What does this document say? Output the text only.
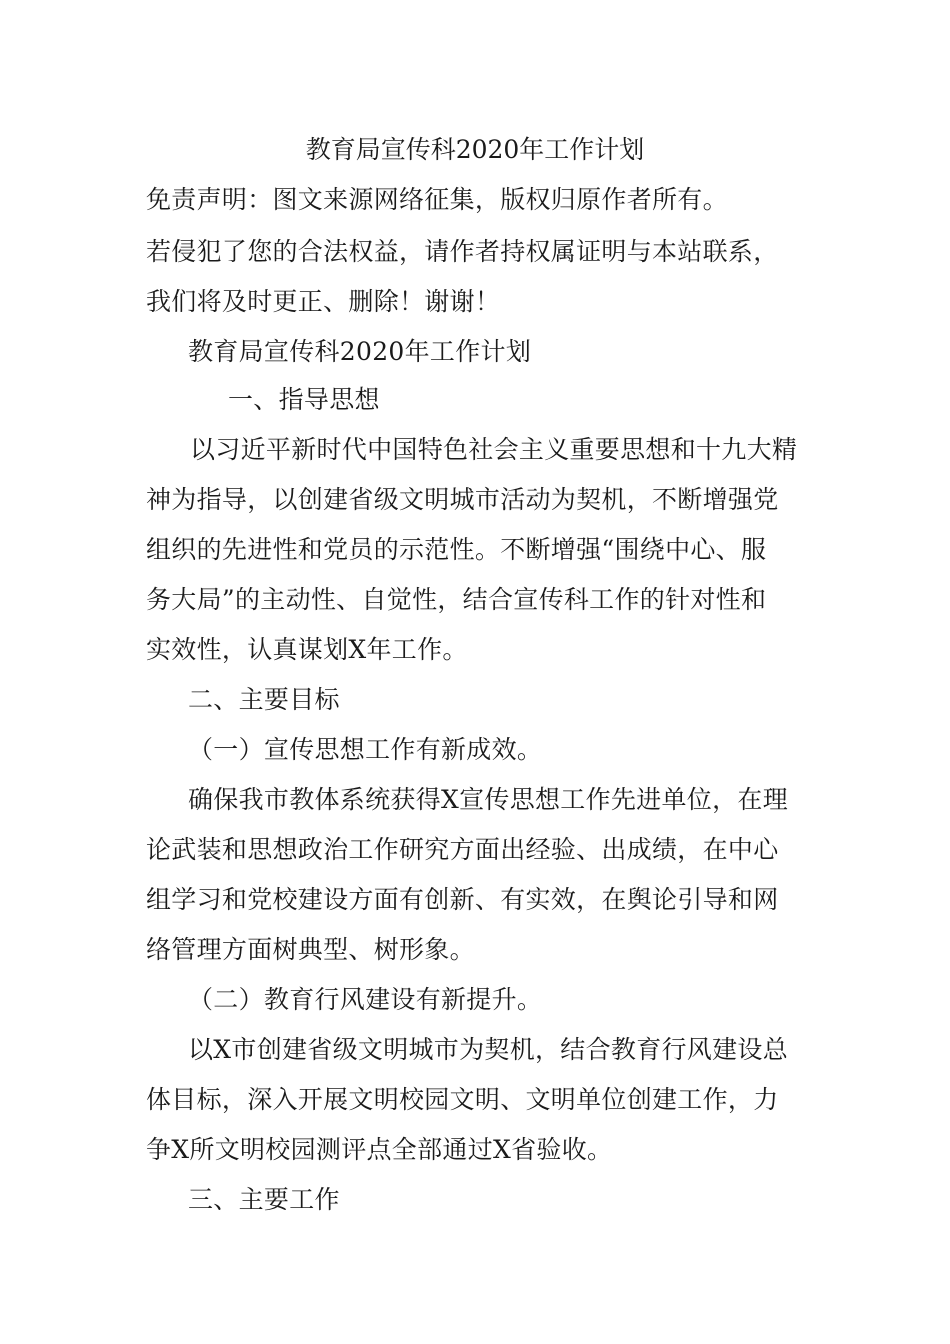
教育局宣传科2020年工作计划
免责声明：图文来源网络征集，版权归原作者所有。
若侵犯了您的合法权益，请作者持权属证明与本站联系，
我们将及时更正、删除！谢谢！
教育局宣传科2020年工作计划
一、指导思想
以习近平新时代中国特色社会主义重要思想和十九大精
神为指导，以创建省级文明城市活动为契机，不断增强党
组织的先进性和党员的示范性。不断增强“围绕中心、服
务大局”的主动性、自觉性，结合宣传科工作的针对性和
实效性，认真谋划X年工作。
二、主要目标
（一）宣传思想工作有新成效。
确保我市教体系统获得X宣传思想工作先进单位，在理
论武装和思想政治工作研究方面出经验、出成绩，在中心
组学习和党校建设方面有创新、有实效，在舆论引导和网
络管理方面树典型、树形象。
（二）教育行风建设有新提升。
以X市创建省级文明城市为契机，结合教育行风建设总
体目标，深入开展文明校园文明、文明单位创建工作，力
争X所文明校园测评点全部通过X省验收。
三、主要工作
